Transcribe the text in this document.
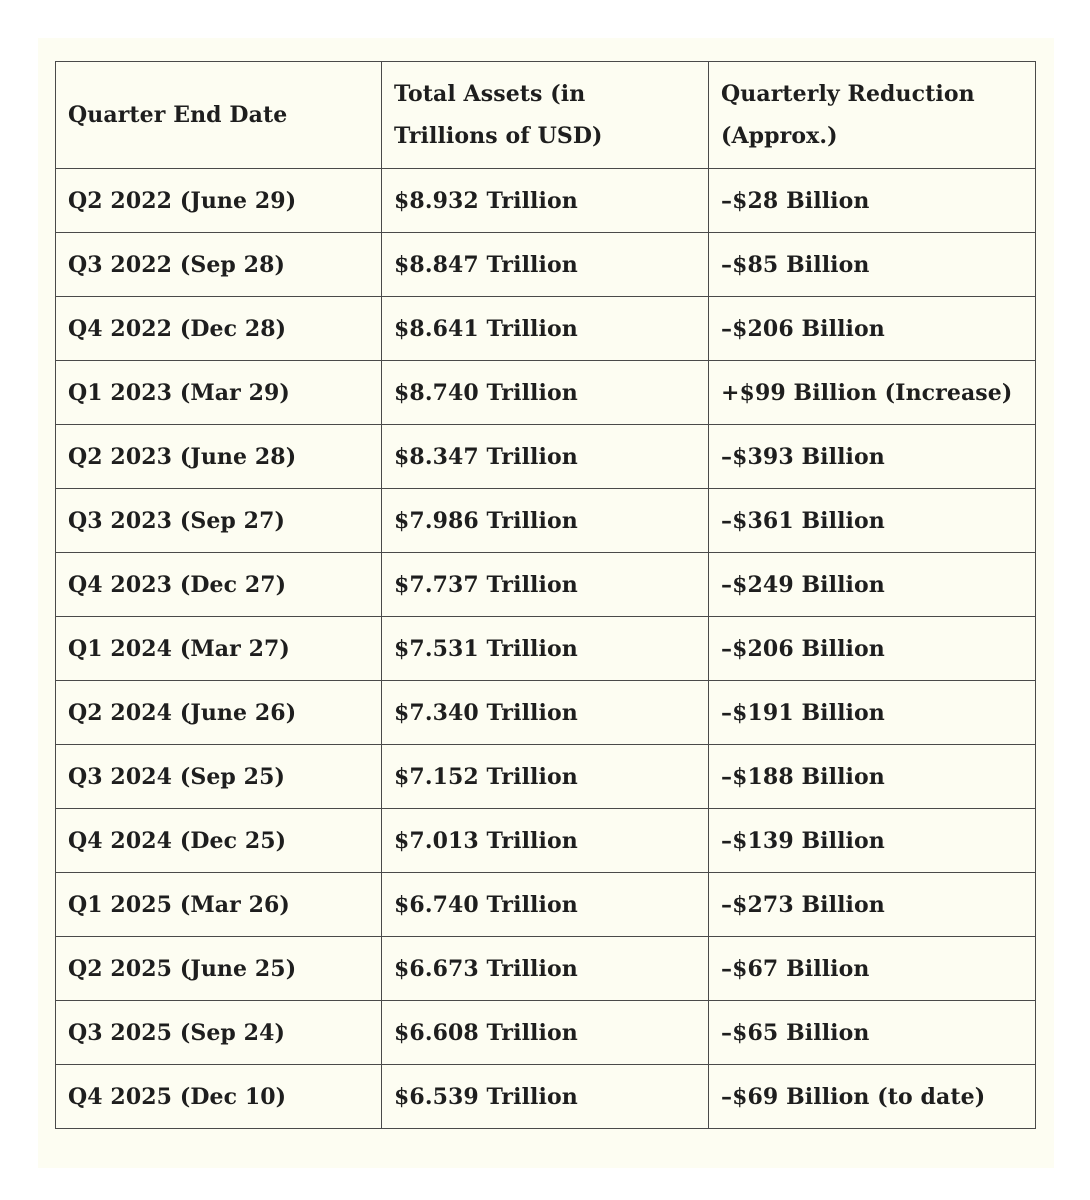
Quarter End Date	Total Assets (in Trillions of USD)	Quarterly Reduction (Approx.)
Q2 2022 (June 29)	$8.932 Trillion	–$28 Billion
Q3 2022 (Sep 28)	$8.847 Trillion	–$85 Billion
Q4 2022 (Dec 28)	$8.641 Trillion	–$206 Billion
Q1 2023 (Mar 29)	$8.740 Trillion	+$99 Billion (Increase)
Q2 2023 (June 28)	$8.347 Trillion	–$393 Billion
Q3 2023 (Sep 27)	$7.986 Trillion	–$361 Billion
Q4 2023 (Dec 27)	$7.737 Trillion	–$249 Billion
Q1 2024 (Mar 27)	$7.531 Trillion	–$206 Billion
Q2 2024 (June 26)	$7.340 Trillion	–$191 Billion
Q3 2024 (Sep 25)	$7.152 Trillion	–$188 Billion
Q4 2024 (Dec 25)	$7.013 Trillion	–$139 Billion
Q1 2025 (Mar 26)	$6.740 Trillion	–$273 Billion
Q2 2025 (June 25)	$6.673 Trillion	–$67 Billion
Q3 2025 (Sep 24)	$6.608 Trillion	–$65 Billion
Q4 2025 (Dec 10)	$6.539 Trillion	–$69 Billion (to date)
